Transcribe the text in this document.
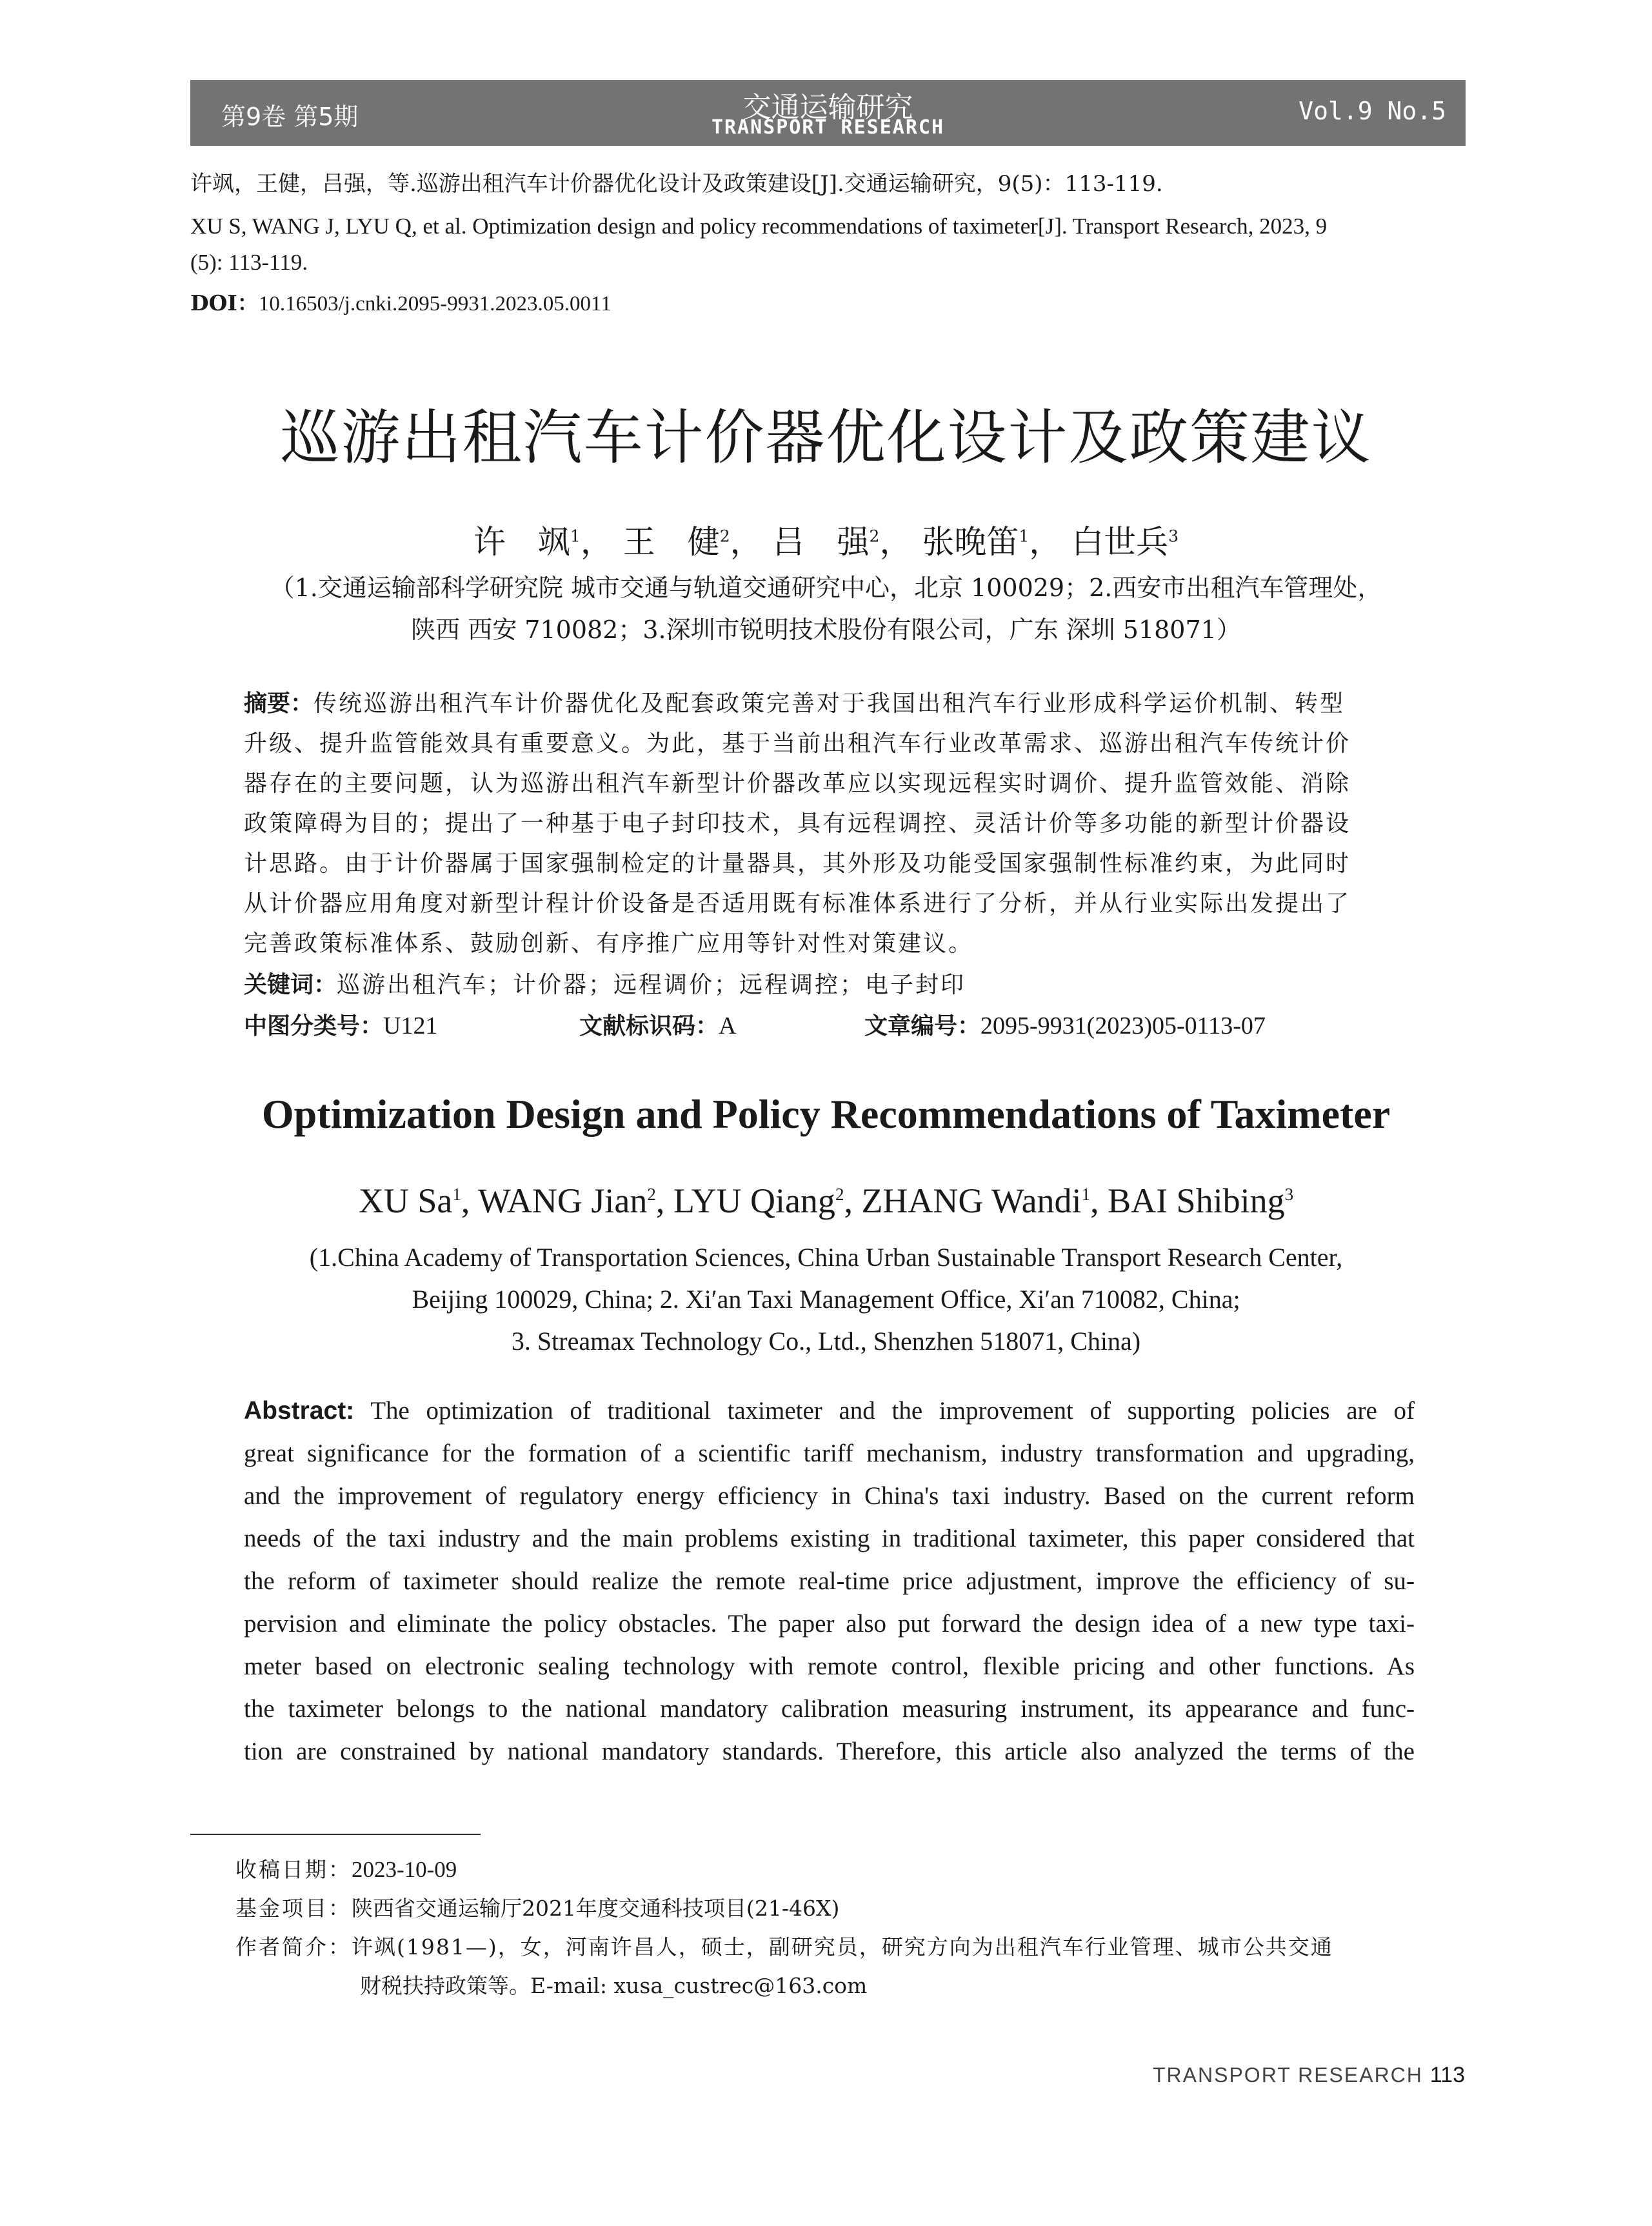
第9卷 第5期	交通运输研究
TRANSPORT RESEARCH
Vol.9 No.5
许飒，王健，吕强，等.巡游出租汽车计价器优化设计及政策建设[J].交通运输研究，9(5)：113-119.
XU S, WANG J, LYU Q, et al. Optimization design and policy recommendations of taximeter[J]. Transport Research, 2023, 9
(5): 113-119.
DOI：10.16503/j.cnki.2095-9931.2023.05.0011
巡游出租汽车计价器优化设计及政策建议
许　飒$^1$， 王　健$^2$， 吕　强$^2$， 张晚笛$^1$， 白世兵$^3$
（1.交通运输部科学研究院 城市交通与轨道交通研究中心，北京 100029；2.西安市出租汽车管理处，
陕西 西安 710082；3.深圳市锐明技术股份有限公司，广东 深圳 518071）
摘要：传统巡游出租汽车计价器优化及配套政策完善对于我国出租汽车行业形成科学运价机制、转型
升级、提升监管能效具有重要意义。为此，基于当前出租汽车行业改革需求、巡游出租汽车传统计价
器存在的主要问题，认为巡游出租汽车新型计价器改革应以实现远程实时调价、提升监管效能、消除
政策障碍为目的；提出了一种基于电子封印技术，具有远程调控、灵活计价等多功能的新型计价器设
计思路。由于计价器属于国家强制检定的计量器具，其外形及功能受国家强制性标准约束，为此同时
从计价器应用角度对新型计程计价设备是否适用既有标准体系进行了分析，并从行业实际出发提出了
完善政策标准体系、鼓励创新、有序推广应用等针对性对策建议。
关键词：巡游出租汽车；计价器；远程调价；远程调控；电子封印
中图分类号：U121	文献标识码：A	文章编号：2095-9931(2023)05-0113-07
Optimization Design and Policy Recommendations of Taximeter
XU Sa$^1$, WANG Jian$^2$, LYU Qiang$^2$, ZHANG Wandi$^1$, BAI Shibing$^3$
(1.China Academy of Transportation Sciences, China Urban Sustainable Transport Research Center,
Beijing 100029, China; 2. Xi′an Taxi Management Office, Xi′an 710082, China;
3. Streamax Technology Co., Ltd., Shenzhen 518071, China)
Abstract: The optimization of traditional taximeter and the improvement of supporting policies are of
great significance for the formation of a scientific tariff mechanism, industry transformation and upgrading,
and the improvement of regulatory energy efficiency in China's taxi industry. Based on the current reform
needs of the taxi industry and the main problems existing in traditional taximeter, this paper considered that
the reform of taximeter should realize the remote real-time price adjustment, improve the efficiency of su-
pervision and eliminate the policy obstacles. The paper also put forward the design idea of a new type taxi-
meter based on electronic sealing technology with remote control, flexible pricing and other functions. As
the taximeter belongs to the national mandatory calibration measuring instrument, its appearance and func-
tion are constrained by national mandatory standards. Therefore, this article also analyzed the terms of the
收稿日期：2023-10-09
基金项目：陕西省交通运输厅2021年度交通科技项目(21-46X)
作者简介：许飒(1981—)，女，河南许昌人，硕士，副研究员，研究方向为出租汽车行业管理、城市公共交通
财税扶持政策等。E-mail: xusa_custrec@163.com
TRANSPORT RESEARCH 113
